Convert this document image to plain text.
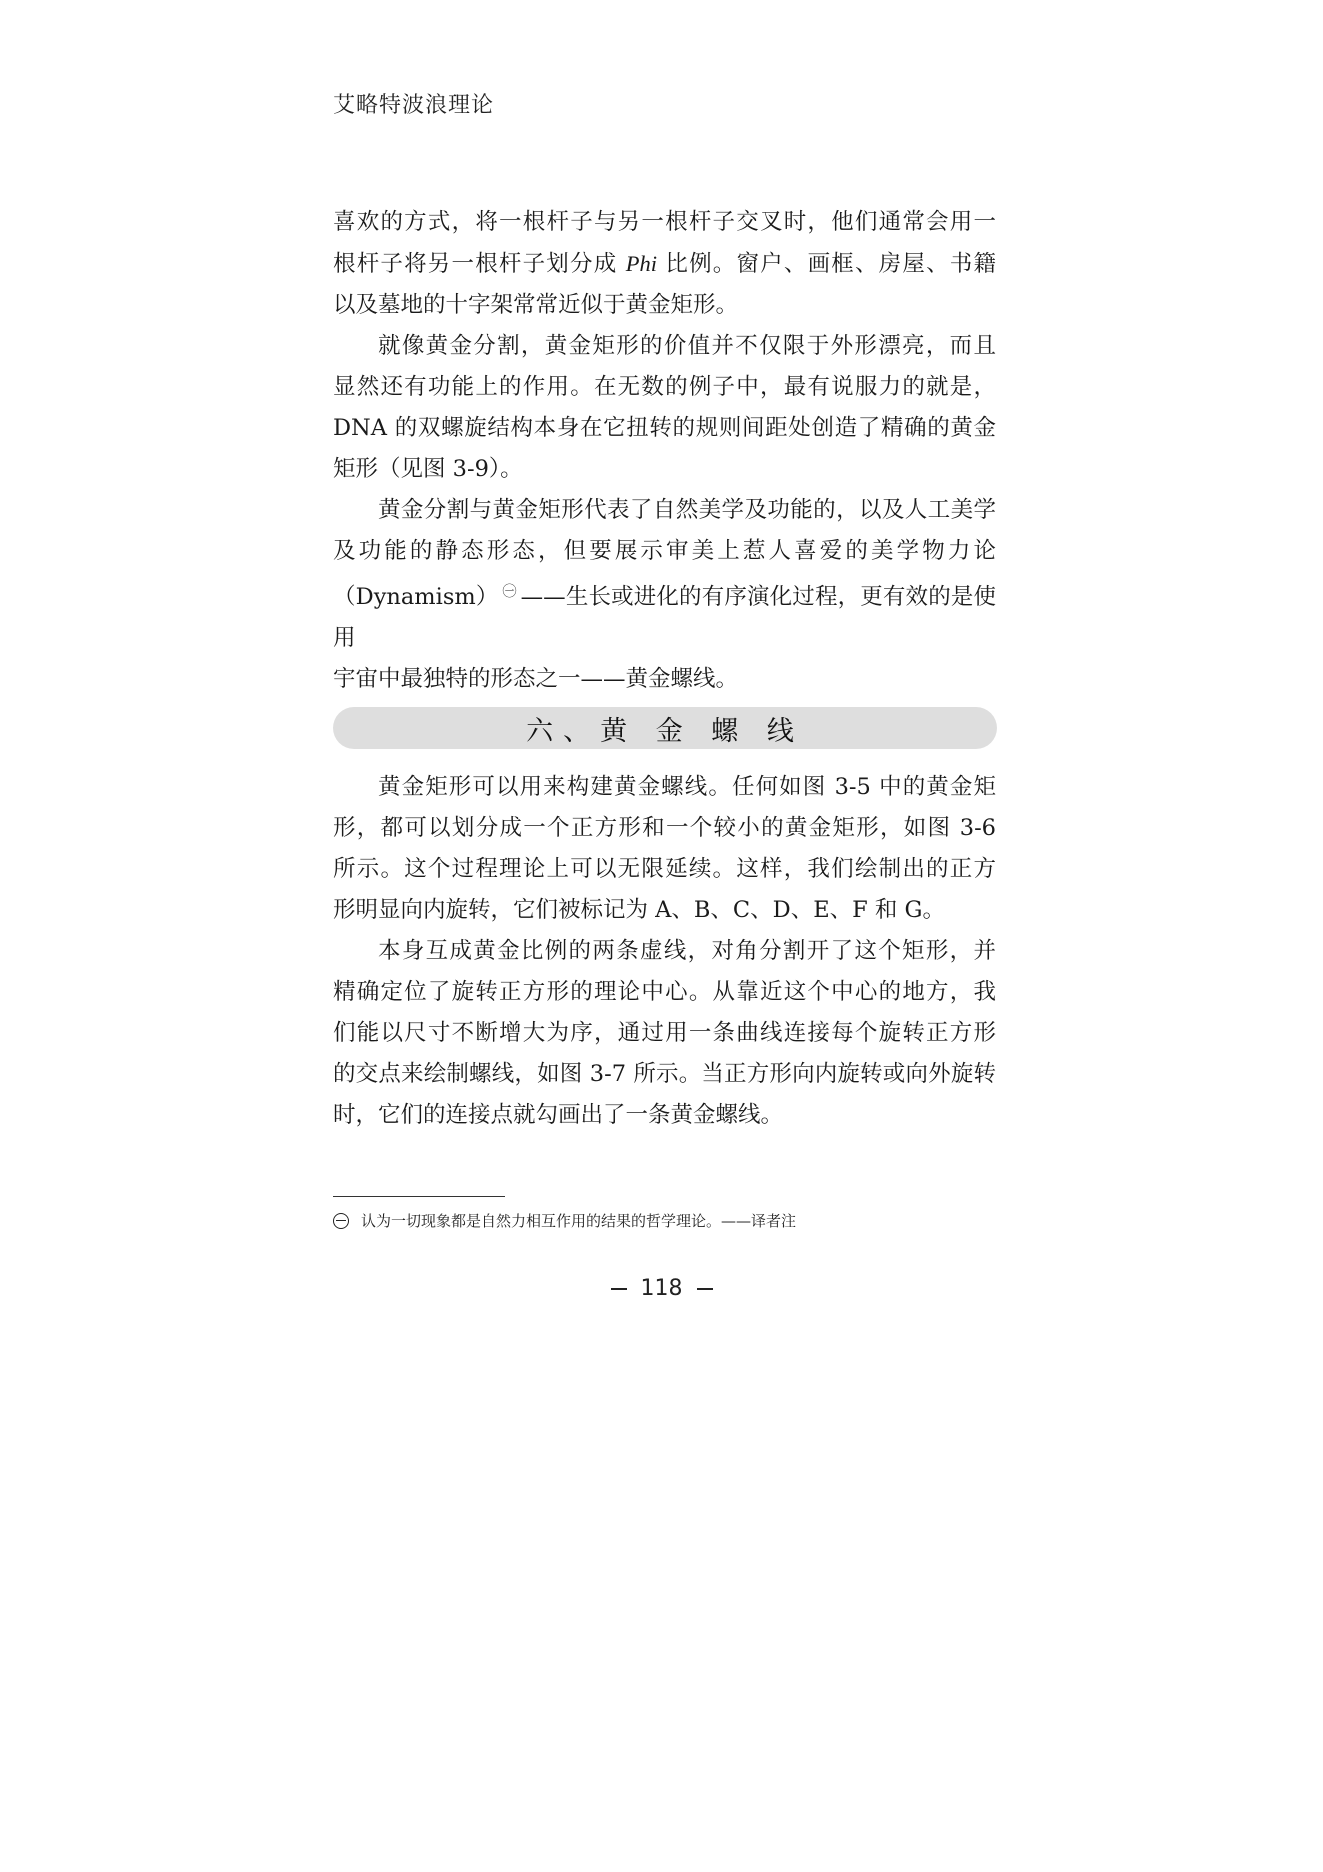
艾略特波浪理论

喜欢的方式，将一根杆子与另一根杆子交叉时，他们通常会用一
根杆子将另一根杆子划分成 Phi 比例。窗户、画框、房屋、书籍
以及墓地的十字架常常近似于黄金矩形。

就像黄金分割，黄金矩形的价值并不仅限于外形漂亮，而且
显然还有功能上的作用。在无数的例子中，最有说服力的就是，
DNA 的双螺旋结构本身在它扭转的规则间距处创造了精确的黄金
矩形（见图 3-9）。

黄金分割与黄金矩形代表了自然美学及功能的，以及人工美学
及功能的静态形态，但要展示审美上惹人喜爱的美学物力论
（Dynamism） $^㊀$ ——生长或进化的有序演化过程，更有效的是使用
宇宙中最独特的形态之一——黄金螺线。

六、黄 金 螺 线

黄金矩形可以用来构建黄金螺线。任何如图 3-5 中的黄金矩
形，都可以划分成一个正方形和一个较小的黄金矩形，如图 3-6
所示。这个过程理论上可以无限延续。这样，我们绘制出的正方
形明显向内旋转，它们被标记为 A、B、C、D、E、F 和 G。

本身互成黄金比例的两条虚线，对角分割开了这个矩形，并
精确定位了旋转正方形的理论中心。从靠近这个中心的地方，我
们能以尺寸不断增大为序，通过用一条曲线连接每个旋转正方形
的交点来绘制螺线，如图 3-7 所示。当正方形向内旋转或向外旋转
时，它们的连接点就勾画出了一条黄金螺线。

认为一切现象都是自然力相互作用的结果的哲学理论。——译者注
118
